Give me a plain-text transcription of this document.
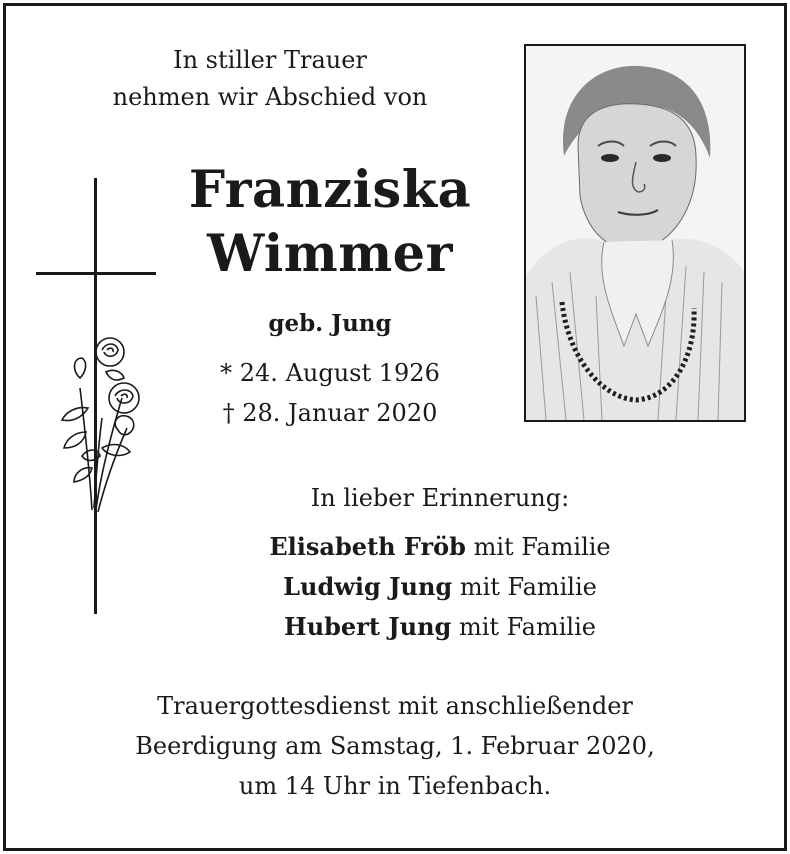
In stiller Trauer
nehmen wir Abschied von
Franziska
Wimmer
geb. Jung
* 24. August 1926
† 28. Januar 2020
In lieber Erinnerung:
Elisabeth Fröb mit Familie
Ludwig Jung mit Familie
Hubert Jung mit Familie
Trauergottesdienst mit anschließender
Beerdigung am Samstag, 1. Februar 2020,
um 14 Uhr in Tiefenbach.
